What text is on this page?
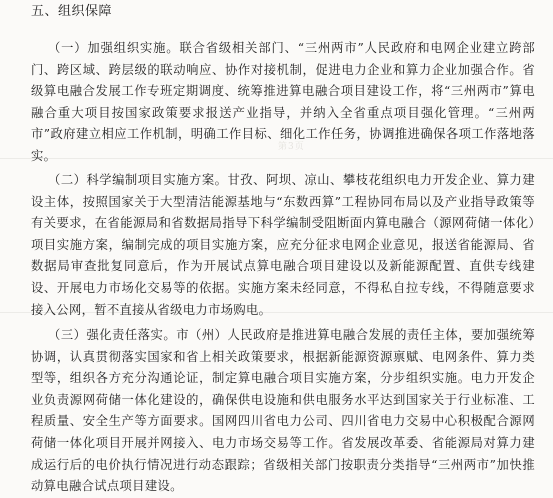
五、组织保障
第3页

（一）加强组织实施。联合省级相关部门、“三州两市”人民政府和电网企业建立跨部门、跨区域、跨层级的联动响应、协作对接机制，促进电力企业和算力企业加强合作。省级算电融合发展工作专班定期调度、统筹推进算电融合项目建设工作，将“三州两市”算电融合重大项目按国家政策要求报送产业指导，并纳入全省重点项目强化管理。“三州两市”政府建立相应工作机制，明确工作目标、细化工作任务，协调推进确保各项工作落地落实。

（二）科学编制项目实施方案。甘孜、阿坝、凉山、攀枝花组织电力开发企业、算力建设主体，按照国家关于大型清洁能源基地与“东数西算”工程协同布局以及产业指导政策等有关要求，在省能源局和省数据局指导下科学编制受阻断面内算电融合（源网荷储一体化）项目实施方案，编制完成的项目实施方案，应充分征求电网企业意见，报送省能源局、省数据局审查批复同意后，作为开展试点算电融合项目建设以及新能源配置、直供专线建设、开展电力市场化交易等的依据。实施方案未经同意，不得私自拉专线，不得随意要求接入公网，暂不直接从省级电力市场购电。

（三）强化责任落实。市（州）人民政府是推进算电融合发展的责任主体，要加强统筹协调，认真贯彻落实国家和省上相关政策要求，根据新能源资源禀赋、电网条件、算力类型等，组织各方充分沟通论证，制定算电融合项目实施方案，分步组织实施。电力开发企业负责源网荷储一体化建设的，确保供电设施和供电服务水平达到国家关于行业标准、工程质量、安全生产等方面要求。国网四川省电力公司、四川省电力交易中心积极配合源网荷储一体化项目开展并网接入、电力市场交易等工作。省发展改革委、省能源局对算力建成运行后的电价执行情况进行动态跟踪；省级相关部门按职责分类指导“三州两市”加快推动算电融合试点项目建设。
